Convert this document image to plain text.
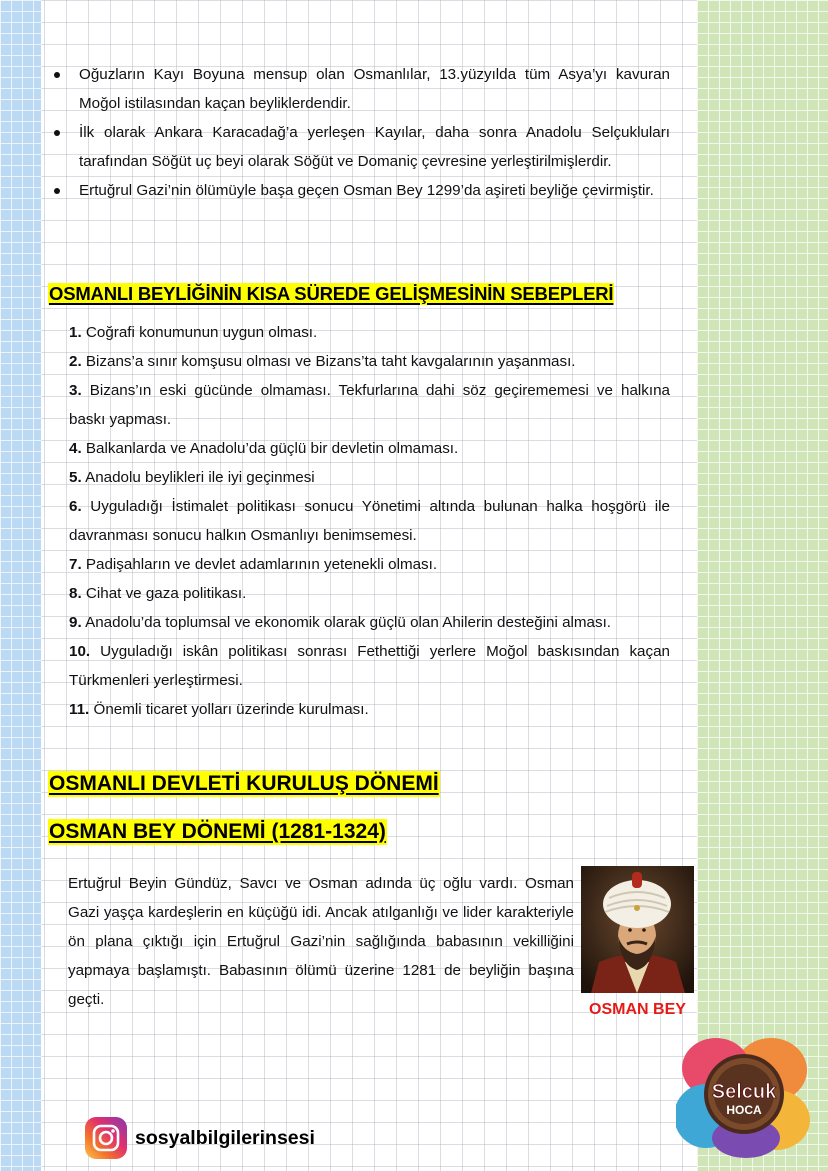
Oğuzların Kayı Boyuna mensup olan Osmanlılar, 13.yüzyılda tüm Asya’yı kavuran Moğol istilasından kaçan beyliklerdendir.
İlk olarak Ankara Karacadağ’a yerleşen Kayılar, daha sonra Anadolu Selçukluları tarafından Söğüt uç beyi olarak Söğüt ve Domaniç çevresine yerleştirilmişlerdir.
Ertuğrul Gazi’nin ölümüyle başa geçen Osman Bey 1299’da aşireti beyliğe çevirmiştir.
OSMANLI BEYLİĞİNİN KISA SÜREDE GELİŞMESİNİN SEBEPLERİ
1. Coğrafi konumunun uygun olması.
2. Bizans’a sınır komşusu olması ve Bizans’ta taht kavgalarının yaşanması.
3. Bizans’ın eski gücünde olmaması. Tekfurlarına dahi söz geçirememesi ve halkına baskı yapması.
4. Balkanlarda ve Anadolu’da güçlü bir devletin olmaması.
5. Anadolu beylikleri ile iyi geçinmesi
6. Uyguladığı İstimalet politikası sonucu Yönetimi altında bulunan halka hoşgörü ile davranması sonucu halkın Osmanlıyı benimsemesi.
7. Padişahların ve devlet adamlarının yetenekli olması.
8. Cihat ve gaza politikası.
9. Anadolu’da toplumsal ve ekonomik olarak güçlü olan Ahilerin desteğini alması.
10. Uyguladığı iskân politikası sonrası Fethettiği yerlere Moğol baskısından kaçan Türkmenleri yerleştirmesi.
11. Önemli ticaret yolları üzerinde kurulması.
OSMANLI DEVLETİ KURULUŞ DÖNEMİ
OSMAN BEY DÖNEMİ (1281-1324)

Ertuğrul Beyin Gündüz, Savcı ve Osman adında üç oğlu vardı. Osman Gazi yaşça kardeşlerin en küçüğü idi. Ancak atılganlığı ve lider karakteriyle ön plana çıktığı için Ertuğrul Gazi’nin sağlığında babasının vekilliğini yapmaya başlamıştı. Babasının ölümü üzerine 1281 de beyliğin başına geçti.

OSMAN BEY
sosyalbilgilerinsesi
Selcuk
HOCA
